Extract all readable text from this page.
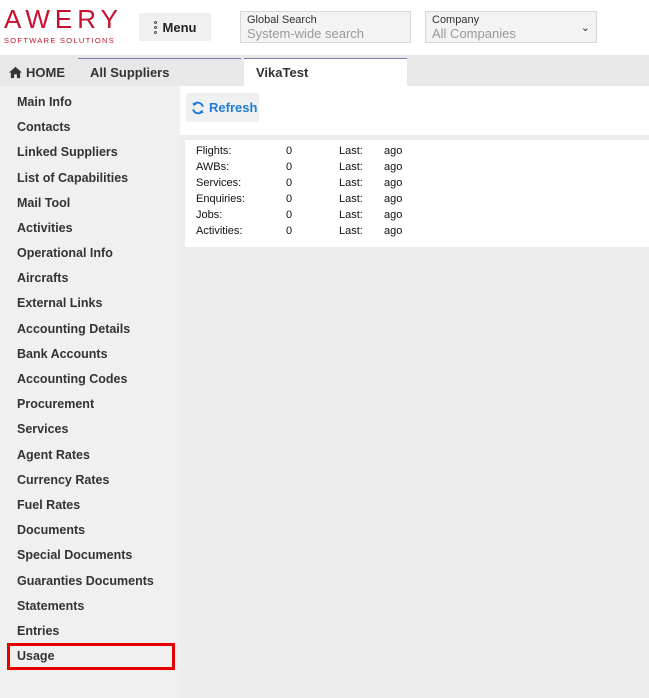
AWERY
SOFTWARE SOLUTIONS
Menu	Global Search
System-wide search
Company
All Companies	⌄
HOME All Suppliers	VikaTest
Main Info
Contacts
Linked Suppliers
List of Capabilities
Mail Tool
Activities
Operational Info
Aircrafts
External Links
Accounting Details
Bank Accounts
Accounting Codes
Procurement
Services
Agent Rates
Currency Rates
Fuel Rates
Documents
Special Documents
Guaranties Documents
Statements
Entries
Usage
Refresh
Flights:	0	Last: ago
AWBs:	0	Last: ago
Services:	0	Last: ago
Enquiries:	0	Last: ago
Jobs:	0	Last: ago
Activities:	0	Last: ago
